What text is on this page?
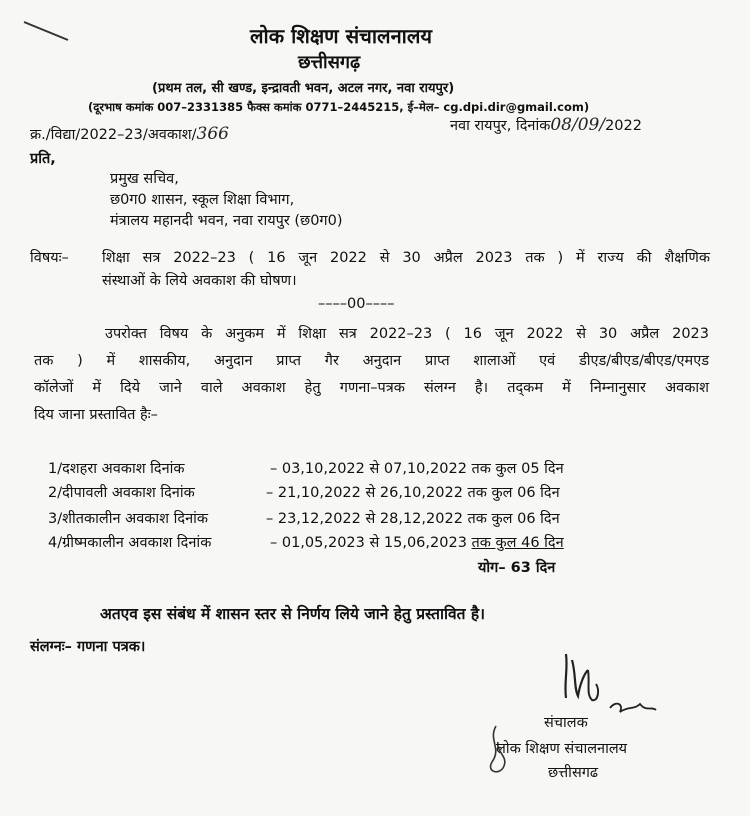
लोक शिक्षण संचालनालय
छत्तीसगढ़
(प्रथम तल, सी खण्ड, इन्द्रावती भवन, अटल नगर, नवा रायपुर)
(दूरभाष कमांक 007–2331385 फैक्स कमांक 0771–2445215, ई–मेल– cg.dpi.dir@gmail.com)
क्र./विद्या/2022–23/अवकाश/366	नवा रायपुर, दिनांक08/09/2022
प्रति,
प्रमुख सचिव,
छ0ग0 शासन, स्कूल शिक्षा विभाग,
मंत्रालय महानदी भवन, नवा रायपुर (छ0ग0)
विषयः– शिक्षा सत्र 2022–23 ( 16 जून 2022 से 30 अप्रैल 2023 तक ) में राज्य की शैक्षणिक
संस्थाओं के लिये अवकाश की घोषण।
––––00––––
उपरोक्त विषय के अनुकम में शिक्षा सत्र 2022–23 ( 16 जून 2022 से 30 अप्रैल 2023
तक ) में शासकीय, अनुदान प्राप्त गैर अनुदान प्राप्त शालाओं एवं डीएड/बीएड/बीएड/एमएड
कॉलेजों में दिये जाने वाले अवकाश हेतु गणना–पत्रक संलग्न है। तद्कम में निम्नानुसार अवकाश
दिय जाना प्रस्तावित हैः–
1/दशहरा अवकाश दिनांक	– 03,10,2022 से 07,10,2022 तक कुल 05 दिन
2/दीपावली अवकाश दिनांक	– 21,10,2022 से 26,10,2022 तक कुल 06 दिन
3/शीतकालीन अवकाश दिनांक	– 23,12,2022 से 28,12,2022 तक कुल 06 दिन
4/ग्रीष्मकालीन अवकाश दिनांक	– 01,05,2023 से 15,06,2023 तक कुल 46 दिन
योग– 63 दिन
अतएव इस संबंध में शासन स्तर से निर्णय लिये जाने हेतु प्रस्तावित है।
संलग्नः– गणना पत्रक।
संचालक
लोक शिक्षण संचालनालय
छत्तीसगढ
